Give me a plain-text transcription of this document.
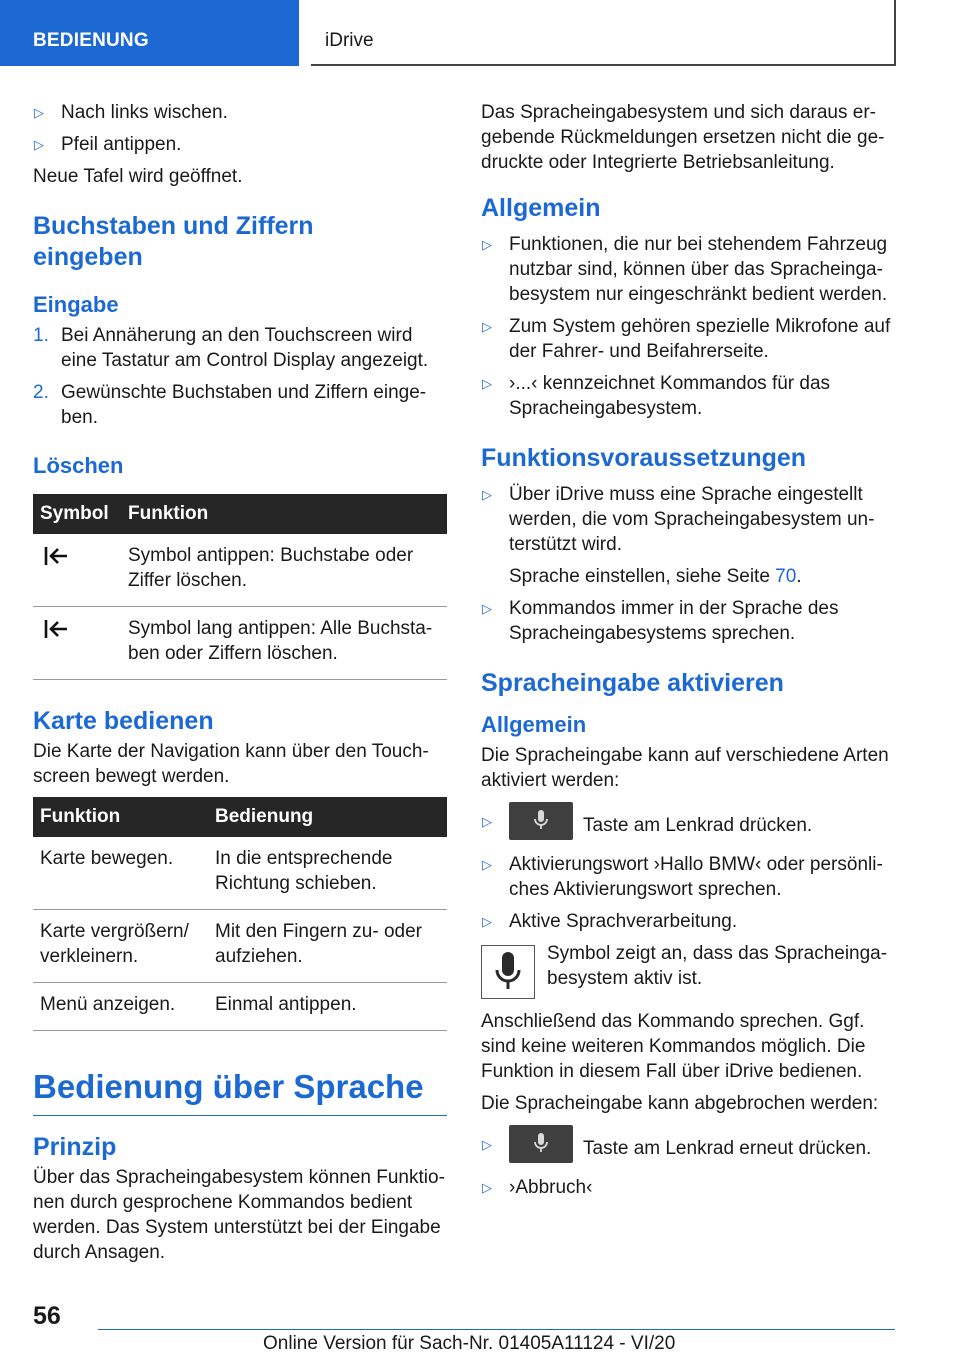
BEDIENUNG	iDrive
▷ Nach links wischen.
▷ Pfeil antippen.

Neue Tafel wird geöffnet.

Buchstaben und Ziffern eingeben
Eingabe
1. Bei Annäherung an den Touchscreen wird eine Tastatur am Control Display angezeigt.
2. Gewünschte Buchstaben und Ziffern eingeben.
Löschen
Symbol	Funktion
	Symbol antippen: Buchstabe oder Ziffer löschen.
	Symbol lang antippen: Alle Buchstaben oder Ziffern löschen.
Karte bedienen

Die Karte der Navigation kann über den Touchscreen bewegt werden.

Funktion	Bedienung
Karte bewegen.	In die entsprechende Richtung schieben.
Karte vergrößern/ verkleinern.	Mit den Fingern zu- oder aufziehen.
Menü anzeigen.	Einmal antippen.
Bedienung über Sprache
Prinzip

Über das Spracheingabesystem können Funktionen durch gesprochene Kommandos bedient werden. Das System unterstützt bei der Eingabe durch Ansagen.

Das Spracheingabesystem und sich daraus ergebende Rückmeldungen ersetzen nicht die gedruckte oder Integrierte Betriebsanleitung.

Allgemein
▷ Funktionen, die nur bei stehendem Fahrzeug nutzbar sind, können über das Spracheingabesystem nur eingeschränkt bedient werden.
▷ Zum System gehören spezielle Mikrofone auf der Fahrer- und Beifahrerseite.
▷ ›...‹ kennzeichnet Kommandos für das Spracheingabesystem.
Funktionsvoraussetzungen
▷ Über iDrive muss eine Sprache eingestellt werden, die vom Spracheingabesystem unterstützt wird.
Sprache einstellen, siehe Seite 70.
▷ Kommandos immer in der Sprache des Spracheingabesystems sprechen.
Spracheingabe aktivieren
Allgemein

Die Spracheingabe kann auf verschiedene Arten aktiviert werden:

▷	Taste am Lenkrad drücken.
▷ Aktivierungswort ›Hallo BMW‹ oder persönliches Aktivierungswort sprechen.
▷ Aktive Sprachverarbeitung.
Symbol zeigt an, dass das Spracheingabesystem aktiv ist.

Anschließend das Kommando sprechen. Ggf. sind keine weiteren Kommandos möglich. Die Funktion in diesem Fall über iDrive bedienen.

Die Spracheingabe kann abgebrochen werden:

▷	Taste am Lenkrad erneut drücken.
▷ ›Abbruch‹
56
Online Version für Sach-Nr. 01405A11124 - VI/20
